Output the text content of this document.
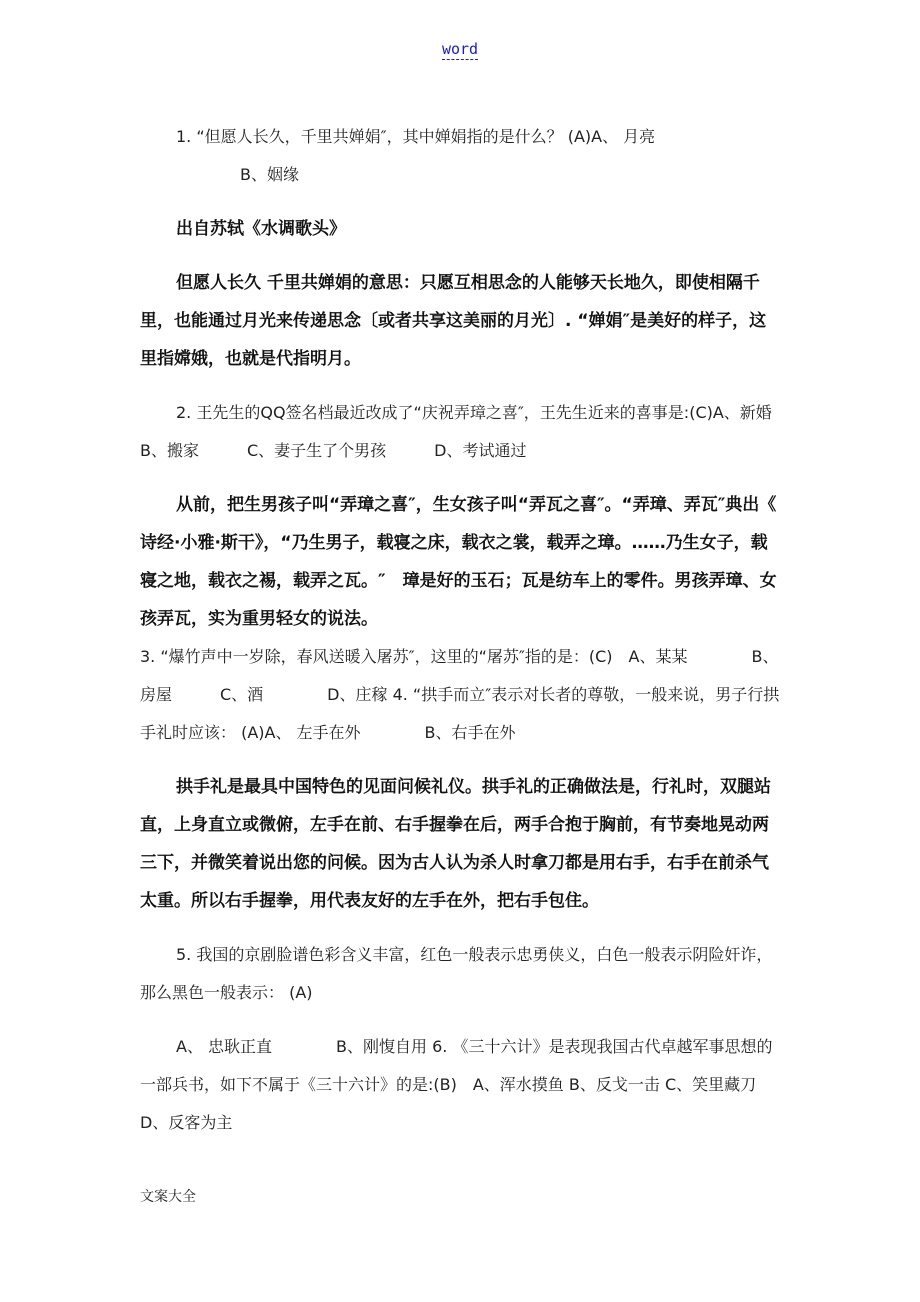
word

1. “但愿人长久，千里共婵娟″，其中婵娟指的是什么？ (A)A、 月亮

B、姻缘

出自苏轼《水调歌头》

但愿人长久 千里共婵娟的意思：只愿互相思念的人能够天长地久，即使相隔千里，也能通过月光来传递思念〔或者共享这美丽的月光〕. “婵娟″是美好的样子，这里指嫦娥，也就是代指明月。

2. 王先生的QQ签名档最近改成了“庆祝弄璋之喜″，王先生近来的喜事是:(C)A、新婚　　　B、搬家　　　C、妻子生了个男孩　　　D、考试通过

从前，把生男孩子叫“弄璋之喜″，生女孩子叫“弄瓦之喜″。“弄璋、弄瓦″典出《 诗经·小雅·斯干》，“乃生男子，载寝之床，载衣之裳，载弄之璋。……乃生女子，载寝之地，载衣之裼，载弄之瓦。″　璋是好的玉石；瓦是纺车上的零件。男孩弄璋、女孩弄瓦，实为重男轻女的说法。

3. “爆竹声中一岁除，春风送暖入屠苏″，这里的“屠苏″指的是：(C)　A、某某　　　　B、房屋　　　C、酒　　　　D、庄稼 4. “拱手而立″表示对长者的尊敬，一般来说，男子行拱手礼时应该： (A)A、 左手在外　　　　B、右手在外

拱手礼是最具中国特色的见面问候礼仪。拱手礼的正确做法是，行礼时，双腿站直，上身直立或微俯，左手在前、右手握拳在后，两手合抱于胸前，有节奏地晃动两三下，并微笑着说出您的问候。因为古人认为杀人时拿刀都是用右手，右手在前杀气太重。所以右手握拳，用代表友好的左手在外，把右手包住。

5. 我国的京剧脸谱色彩含义丰富，红色一般表示忠勇侠义，白色一般表示阴险奸诈，那么黑色一般表示： (A)

A、 忠耿正直　　　　B、刚愎自用 6. 《三十六计》是表现我国古代卓越军事思想的一部兵书，如下不属于《三十六计》的是:(B)　A、浑水摸鱼 B、反戈一击 C、笑里藏刀 D、反客为主

文案大全
